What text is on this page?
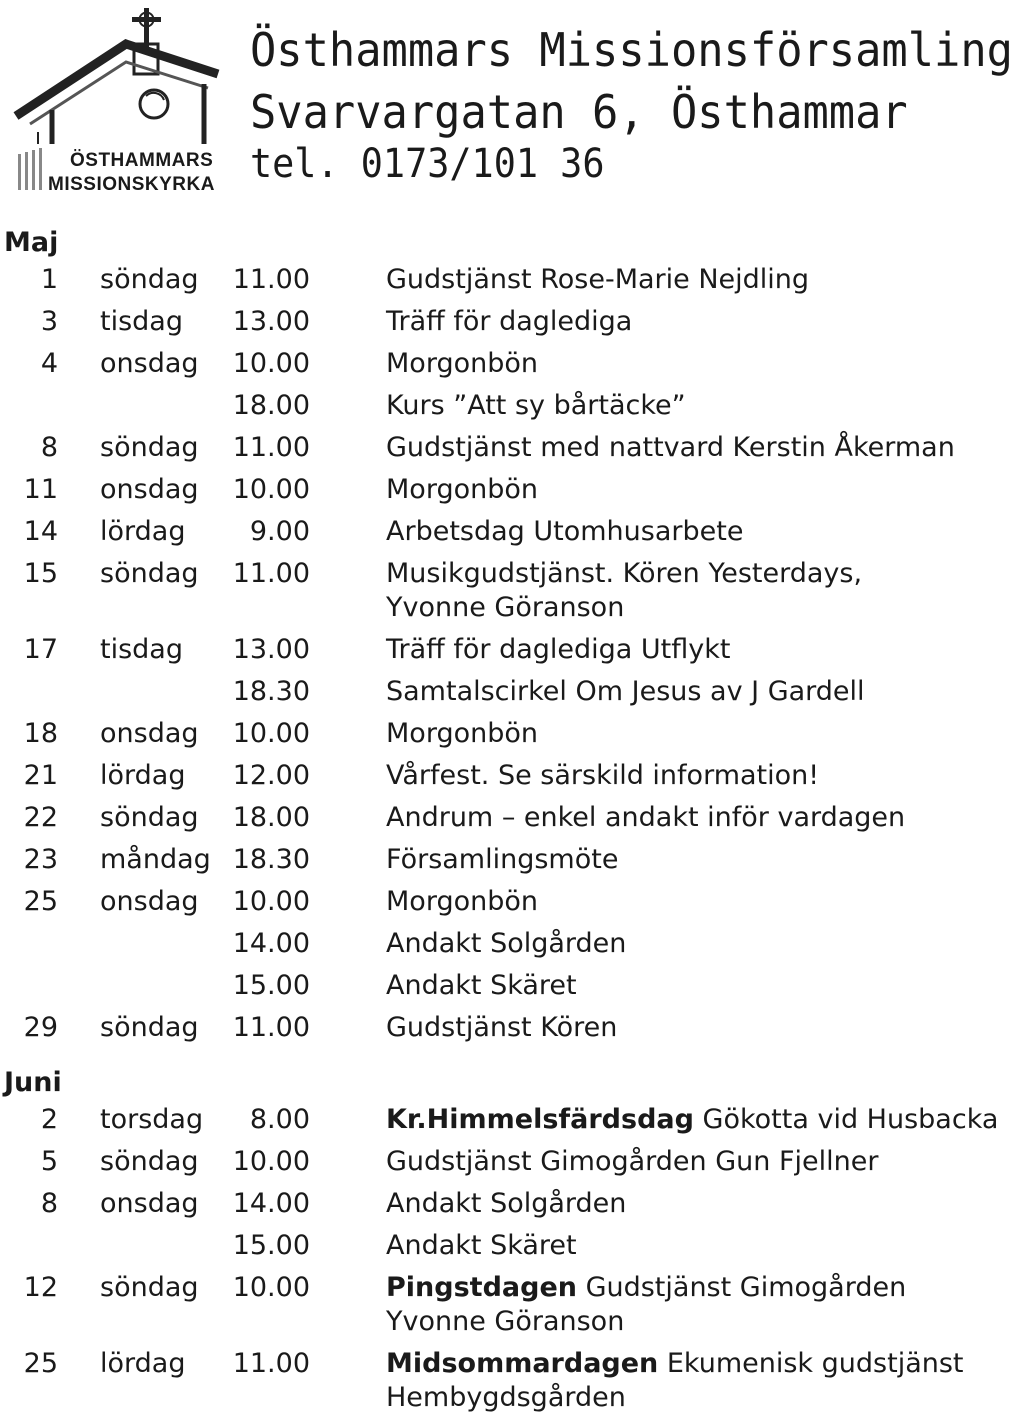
ÖSTHAMMARS
MISSIONSKYRKA
Östhammars Missionsförsamling
Svarvargatan 6, Östhammar
tel. 0173/101 36
Maj
1 söndag	11.00	Gudstjänst Rose-Marie Nejdling
3 tisdag	13.00	Träff för daglediga
4 onsdag	10.00	Morgonbön
18.00	Kurs ”Att sy bårtäcke”
8 söndag	11.00	Gudstjänst med nattvard Kerstin Åkerman
11 onsdag	10.00	Morgonbön
14 lördag	9.00	Arbetsdag Utomhusarbete
15 söndag	11.00	Musikgudstjänst. Kören Yesterdays,
Yvonne Göranson
17 tisdag	13.00	Träff för daglediga Utflykt
18.30	Samtalscirkel Om Jesus av J Gardell
18 onsdag	10.00	Morgonbön
21 lördag	12.00	Vårfest. Se särskild information!
22 söndag	18.00	Andrum – enkel andakt inför vardagen
23 måndag 18.30	Församlingsmöte
25 onsdag	10.00	Morgonbön
14.00	Andakt Solgården
15.00	Andakt Skäret
29 söndag	11.00	Gudstjänst Kören
Juni
2 torsdag	8.00	Kr.Himmelsfärdsdag Gökotta vid Husbacka
5 söndag	10.00	Gudstjänst Gimogården Gun Fjellner
8 onsdag	14.00	Andakt Solgården
15.00	Andakt Skäret
12 söndag	10.00	Pingstdagen Gudstjänst Gimogården
Yvonne Göranson
25 lördag	11.00	Midsommardagen Ekumenisk gudstjänst
Hembygdsgården
